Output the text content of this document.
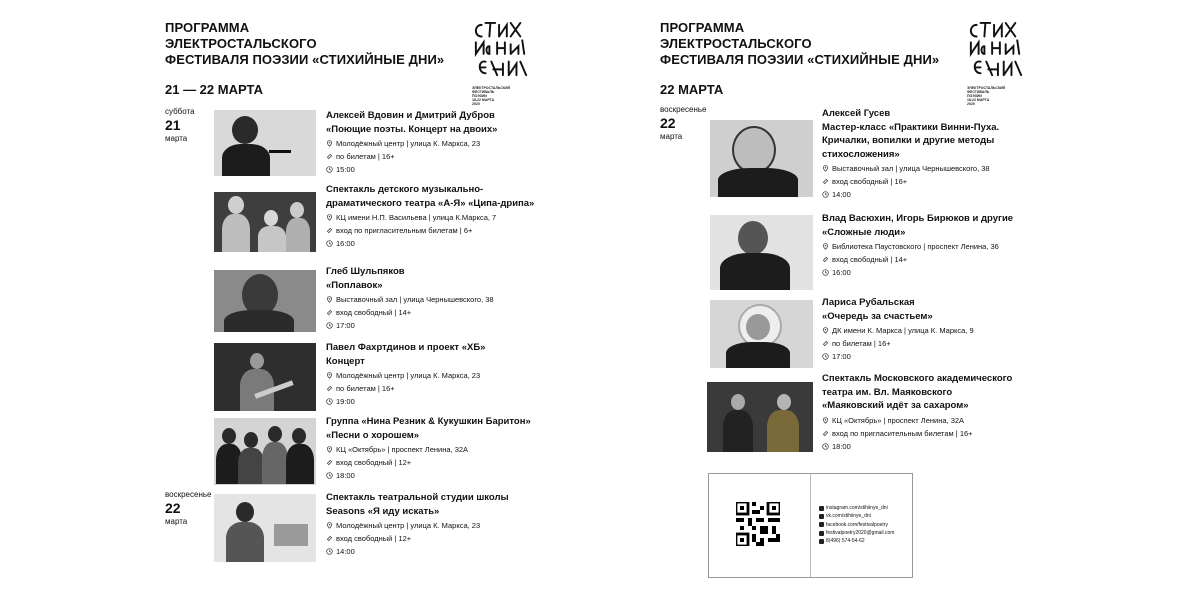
ПРОГРАММА
ЭЛЕКТРОСТАЛЬСКОГО
ФЕСТИВАЛЯ ПОЭЗИИ «СТИХИЙНЫЕ ДНИ»
21 — 22 МАРТА	ЭЛЕКТРОСТАЛЬСКИЙ
ФЕСТИВАЛЬ
ПОЭЗИИ
18-22 МАРТА
2020
суббота
21
марта
воскресенье
22
марта
Алексей Вдовин и Дмитрий Дубров
«Поющие поэты. Концерт на двоих»
Молодёжный центр | улица К. Маркса, 23
по билетам | 16+
15:00
Спектакль детского музыкально-
драматического театра «А-Я» «Ципа-дрипа»
КЦ имени Н.П. Васильева | улица К.Маркса, 7
вход по пригласительным билетам | 6+
16:00
Глеб Шульпяков
«Поплавок»
Выставочный зал | улица Чернышевского, 38
вход свободный | 14+
17:00
Павел Фахртдинов и проект «ХБ»
Концерт
Молодёжный центр | улица К. Маркса, 23
по билетам | 16+
19:00
Группа «Нина Резник & Кукушкин Баритон»
«Песни о хорошем»
КЦ «Октябрь» | проспект Ленина, 32А
вход свободный | 12+
18:00
Спектакль театральной студии школы
Seasons «Я иду искать»
Молодёжный центр | улица К. Маркса, 23
вход свободный | 12+
14:00
ПРОГРАММА
ЭЛЕКТРОСТАЛЬСКОГО
ФЕСТИВАЛЯ ПОЭЗИИ «СТИХИЙНЫЕ ДНИ»
22 МАРТА	ЭЛЕКТРОСТАЛЬСКИЙ
ФЕСТИВАЛЬ
ПОЭЗИИ
18-22 МАРТА
2020
воскресенье
22
марта
Алексей Гусев
Мастер-класс «Практики Винни-Пуха.
Кричалки, вопилки и другие методы
стихосложения»
Выставочный зал | улица Чернышевского, 38
вход свободный | 16+
14:00
Влад Васюхин, Игорь Бирюков и другие
«Сложные люди»
Библиотека Паустовского | проспект Ленина, 36
вход свободный | 14+
16:00
Лариса Рубальская
«Очередь за счастьем»
ДК имени К. Маркса | улица К. Маркса, 9
по билетам | 16+
17:00
Спектакль Московского академического
театра им. Вл. Маяковского
«Маяковский идёт за сахаром»
КЦ «Октябрь» | проспект Ленина, 32А
вход по пригласительным билетам | 16+
18:00
instagram.com/stihiinye_dni
vk.com/stihiinye_dni
facebook.com/festivalpoetry
festivalpoetry2020@gmail.com
8(496) 574-54-62
